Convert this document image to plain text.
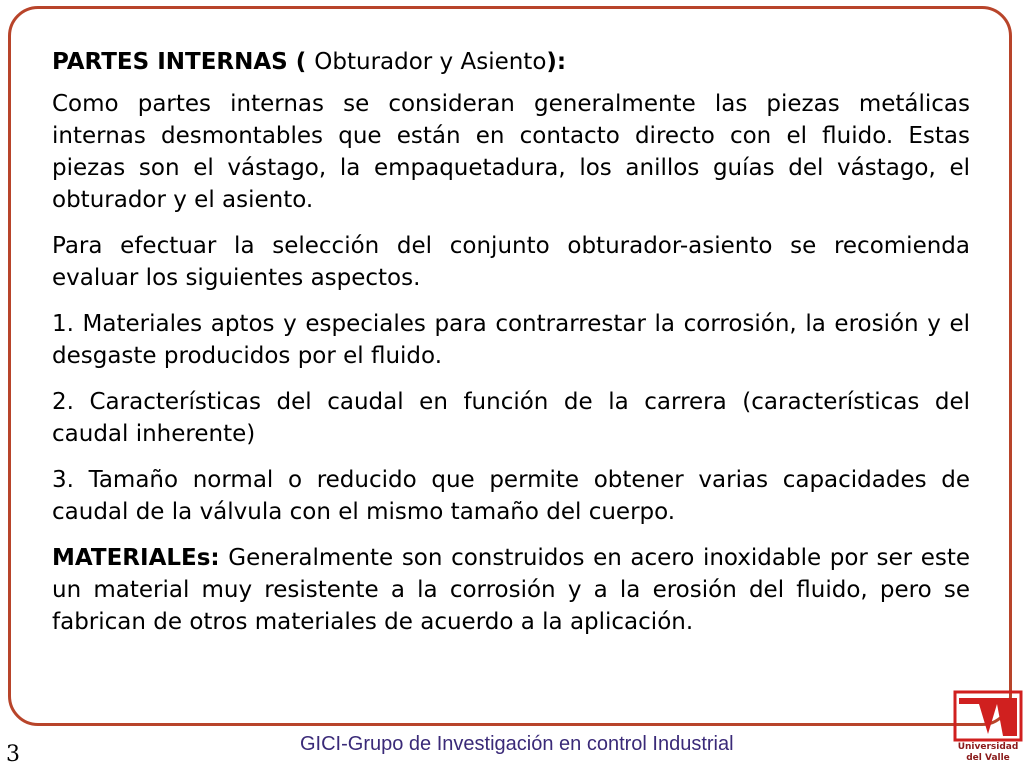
PARTES INTERNAS ( Obturador y Asiento):

Como partes internas se consideran generalmente las piezas metálicas internas desmontables que están en contacto directo con el fluido. Estas piezas son el vástago, la empaquetadura, los anillos guías del vástago, el obturador y el asiento.

Para efectuar la selección del conjunto obturador-asiento se recomienda evaluar los siguientes aspectos.

1. Materiales aptos y especiales para contrarrestar la corrosión, la erosión y el desgaste producidos por el fluido.

2. Características del caudal en función de la carrera (características del caudal inherente)

3. Tamaño normal o reducido que permite obtener varias capacidades de caudal de la válvula con el mismo tamaño del cuerpo.

MATERIALEs: Generalmente son construidos en acero inoxidable por ser este un material muy resistente a la corrosión y a la erosión del fluido, pero se fabrican de otros materiales de acuerdo a la aplicación.

GICI-Grupo de Investigación en control Industrial
3	Universidad
del Valle
